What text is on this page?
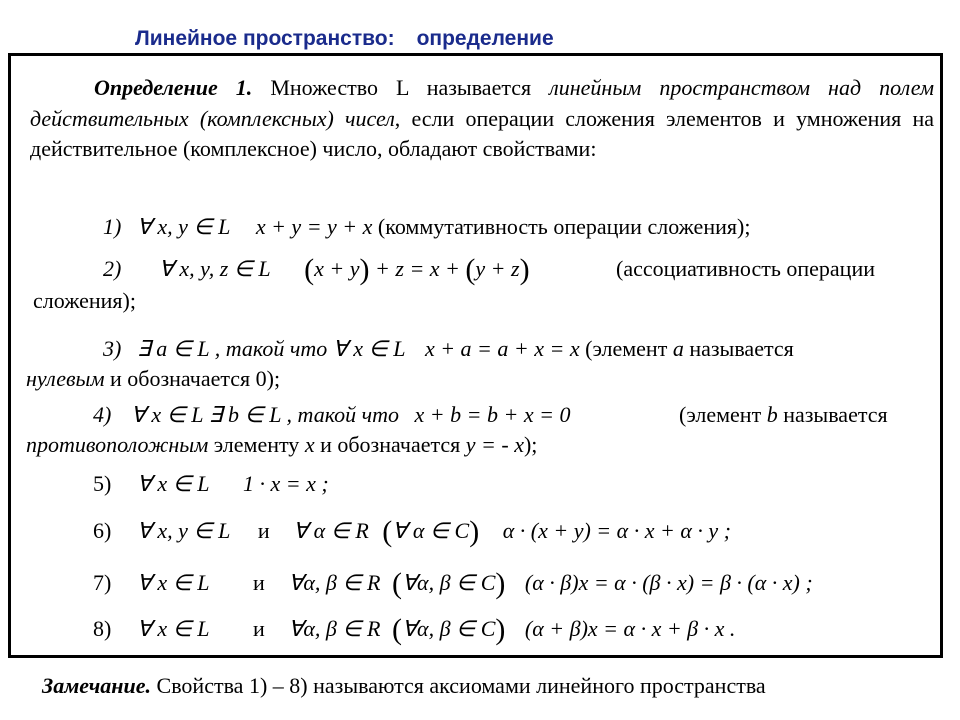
Линейное пространство: определение
Определение 1. Множество L называется линейным пространством над полем действительных (комплексных) чисел, если операции сложения элементов и умножения на действительное (комплексное) число, обладают свойствами:
1) ∀ x, y ∈ L x + y = y + x (коммутативность операции сложения);
2) ∀ x, y, z ∈ L (x + y) + z = x + (y + z)	(ассоциативность операции
сложения);
3) ∃ a ∈ L , такой что ∀ x ∈ L x + a = a + x = x (элемент a называется
нулевым и обозначается 0);
4) ∀ x ∈ L ∃ b ∈ L , такой что x + b = b + x = 0	(элемент b называется
противоположным элементу x и обозначается y = - x);
5) ∀ x ∈ L 1 · x = x ;
6) ∀ x, y ∈ L и ∀ α ∈ R (∀ α ∈ C) α · (x + y) = α · x + α · y ;
7) ∀ x ∈ L и ∀α, β ∈ R (∀α, β ∈ C) (α · β)x = α · (β · x) = β · (α · x) ;
8) ∀ x ∈ L и ∀α, β ∈ R (∀α, β ∈ C) (α + β)x = α · x + β · x .
Замечание. Свойства 1) – 8) называются аксиомами линейного пространства
